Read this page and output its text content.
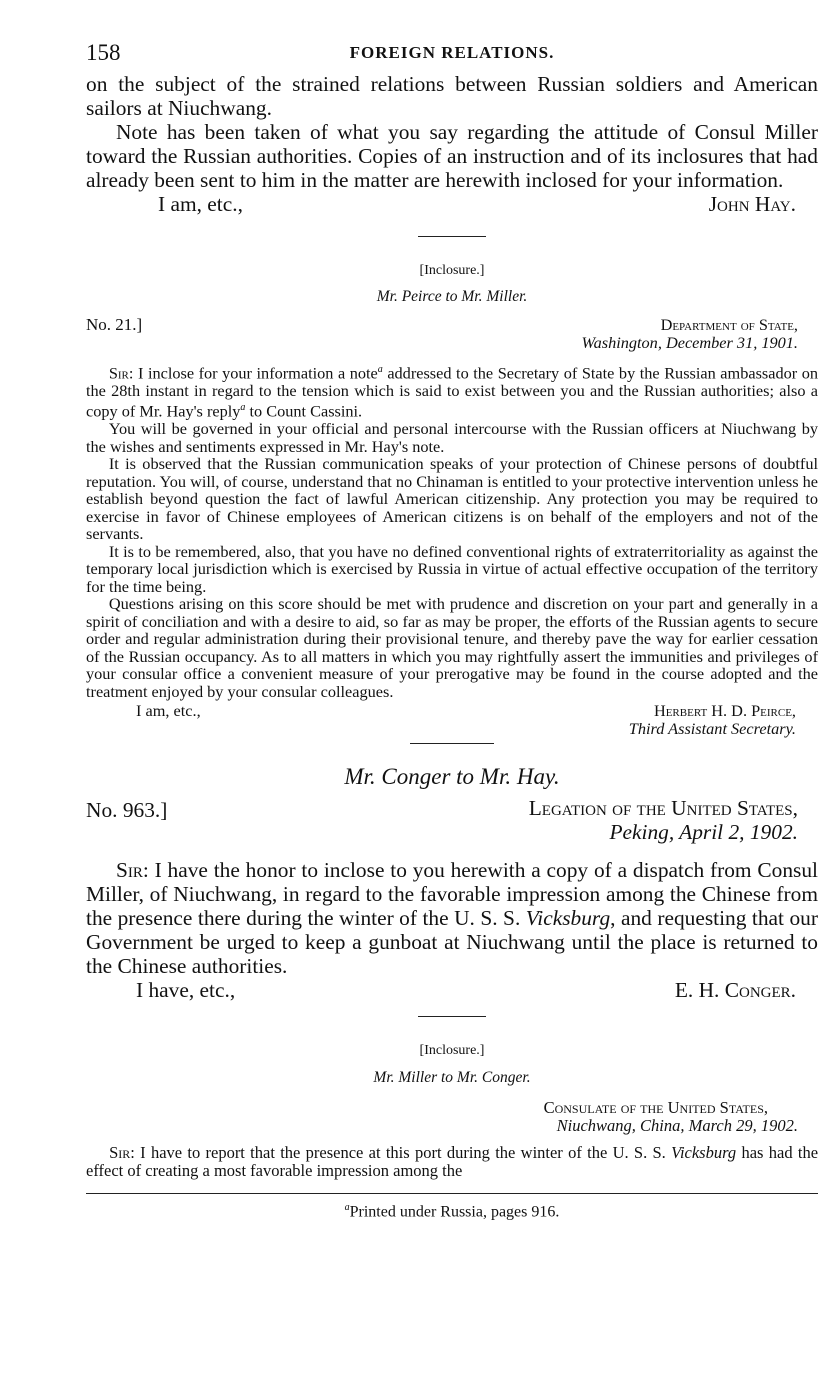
158	FOREIGN RELATIONS.

on the subject of the strained relations between Russian soldiers and American sailors at Niuchwang.

Note has been taken of what you say regarding the attitude of Consul Miller toward the Russian authorities. Copies of an instruction and of its inclosures that had already been sent to him in the matter are herewith inclosed for your information.

I am, etc.,	John Hay.
[Inclosure.]
Mr. Peirce to Mr. Miller.
No. 21.]	Department of State,
Washington, December 31, 1901.

Sir: I inclose for your information a note$^a$ addressed to the Secretary of State by the Russian ambassador on the 28th instant in regard to the tension which is said to exist between you and the Russian authorities; also a copy of Mr. Hay's reply$^a$ to Count Cassini.

You will be governed in your official and personal intercourse with the Russian officers at Niuchwang by the wishes and sentiments expressed in Mr. Hay's note.

It is observed that the Russian communication speaks of your protection of Chinese persons of doubtful reputation. You will, of course, understand that no Chinaman is entitled to your protective intervention unless he establish beyond question the fact of lawful American citizenship. Any protection you may be required to exercise in favor of Chinese employees of American citizens is on behalf of the employers and not of the servants.

It is to be remembered, also, that you have no defined conventional rights of extraterritoriality as against the temporary local jurisdiction which is exercised by Russia in virtue of actual effective occupation of the territory for the time being.

Questions arising on this score should be met with prudence and discretion on your part and generally in a spirit of conciliation and with a desire to aid, so far as may be proper, the efforts of the Russian agents to secure order and regular administration during their provisional tenure, and thereby pave the way for earlier cessation of the Russian occupancy. As to all matters in which you may rightfully assert the immunities and privileges of your consular office a convenient measure of your prerogative may be found in the course adopted and the treatment enjoyed by your consular colleagues.

I am, etc.,	Herbert H. D. Peirce,
Third Assistant Secretary.
Mr. Conger to Mr. Hay.
No. 963.]	Legation of the United States,
Peking, April 2, 1902.

Sir: I have the honor to inclose to you herewith a copy of a dispatch from Consul Miller, of Niuchwang, in regard to the favorable impression among the Chinese from the presence there during the winter of the U. S. S. Vicksburg, and requesting that our Government be urged to keep a gunboat at Niuchwang until the place is returned to the Chinese authorities.

I have, etc.,	E. H. Conger.
[Inclosure.]
Mr. Miller to Mr. Conger.
Consulate of the United States,
Niuchwang, China, March 29, 1902.

Sir: I have to report that the presence at this port during the winter of the U. S. S. Vicksburg has had the effect of creating a most favorable impression among the

$^a$Printed under Russia, pages 916.
